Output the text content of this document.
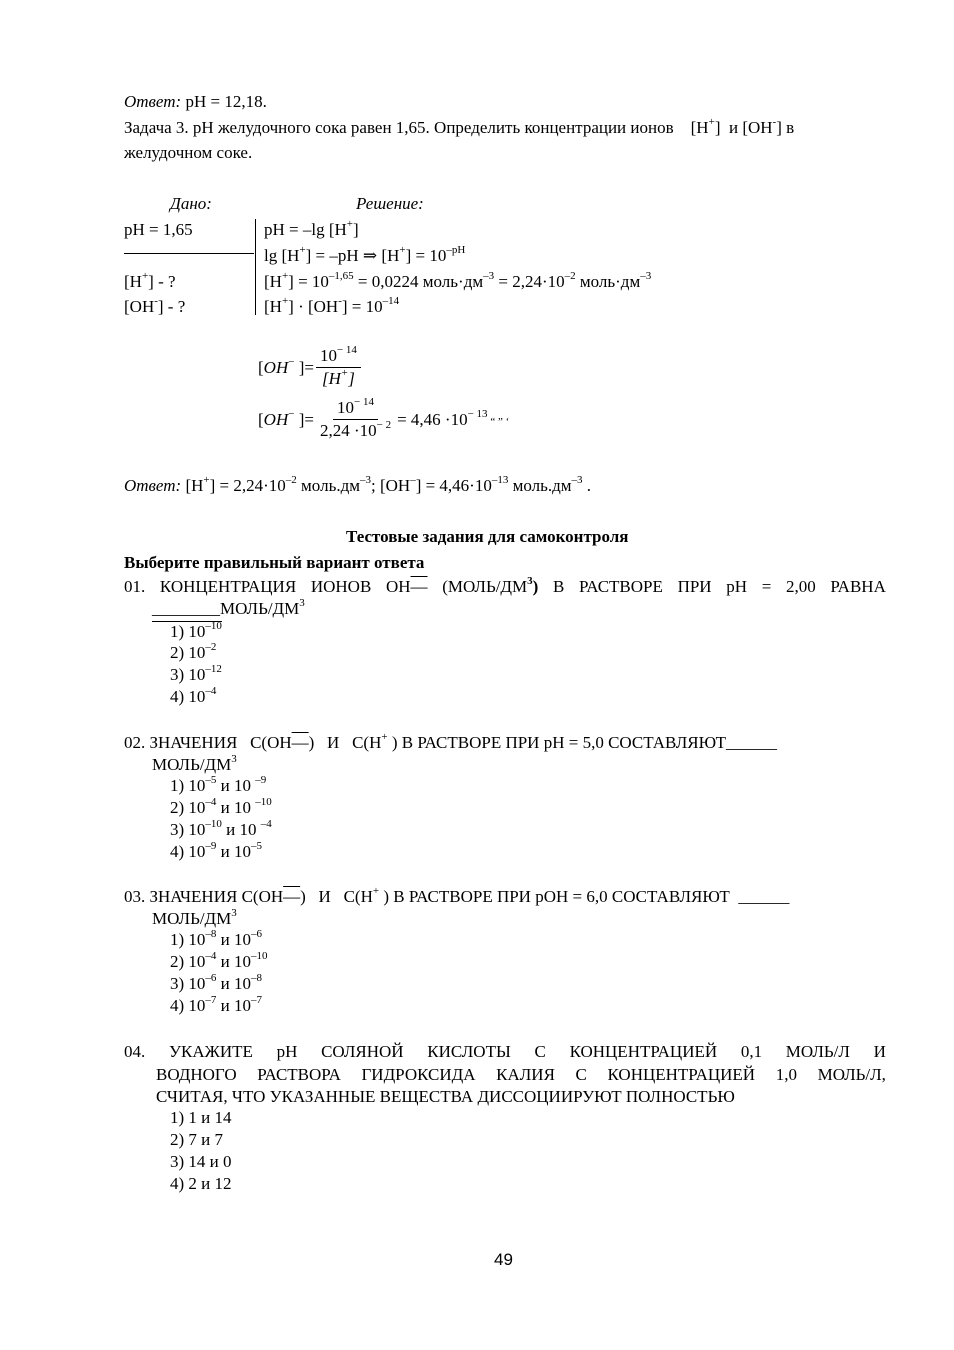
Ответ: pH = 12,18.
Задача 3. pH желудочного сока равен 1,65. Определить концентрации ионов    [H+]  и [OH-] в
желудочном соке.
Дано:	Решение:
pH = 1,65
[H+] - ?
[OH-] - ?
pH = –lg [H+]
lg [H+] = –pH ⇒ $[H^+] = 10^{-pH}$
$[H^+] = 10^{-1,65} = 0,0224$ $моль\cdot дм^{-3} = 2,24\cdot 10^{-2}$ $моль\cdot дм^{-3}$
$[H^+] \cdot [OH^-] = 10^{-14}$
[OH− ]= $\frac{10^{- 14}}{[H^+]}$
[OH− ]= $\frac{10^{- 14}}{2,24 \cdot 10^{- 2}} = 4,46 \cdot 10^{- 13}$ “ ” ‘
Ответ: $[H^+] = 2,24\cdot 10^{-2}$ $моль.дм^{-3}$; $[OH^-] = 4,46\cdot 10^{-13}$ $моль.дм^{-3}$ .
Тестовые задания для самоконтроля
Выберите правильный вариант ответа
01. КОНЦЕНТРАЦИЯ ИОНОВ ОН— $(МОЛЬ/ДМ^3)$ В РАСТВОРЕ ПРИ pH = 2,00 РАВНА
$\_\_\_\_\_\_\_\_МОЛЬ/ДМ^3$
1) $10^{-10}$
2) $10^{-2}$
3) $10^{-12}$
4) $10^{-4}$
02. ЗНАЧЕНИЯ   С(ОН—)   И   С(Н+ ) В РАСТВОРЕ ПРИ pH = 5,0 СОСТАВЛЯЮТ______
МОЛЬ/$ДМ^3$
1) $10^{-5}$ и 10 $^{-9}$
2) $10^{-4}$ и 10 $^{-10}$
3) $10^{-10}$ и 10 $^{-4}$
4) $10^{-9}$ и $10^{-5}$
03. ЗНАЧЕНИЯ С(ОН—)   И   С(Н+ ) В РАСТВОРЕ ПРИ pOH = 6,0 СОСТАВЛЯЮТ  ______
МОЛЬ/$ДМ^3$
1) $10^{-8}$ и $10^{-6}$
2) $10^{-4}$ и $10^{-10}$
3) $10^{-6}$ и $10^{-8}$
4) $10^{-7}$ и $10^{-7}$
04. УКАЖИТЕ pH СОЛЯНОЙ КИСЛОТЫ С КОНЦЕНТРАЦИЕЙ 0,1 МОЛЬ/Л И
ВОДНОГО РАСТВОРА ГИДРОКСИДА КАЛИЯ С КОНЦЕНТРАЦИЕЙ 1,0 МОЛЬ/Л,
СЧИТАЯ, ЧТО УКАЗАННЫЕ ВЕЩЕСТВА ДИССОЦИИРУЮТ ПОЛНОСТЬЮ
1) 1 и 14
2) 7 и 7
3) 14 и 0
4) 2 и 12
49
